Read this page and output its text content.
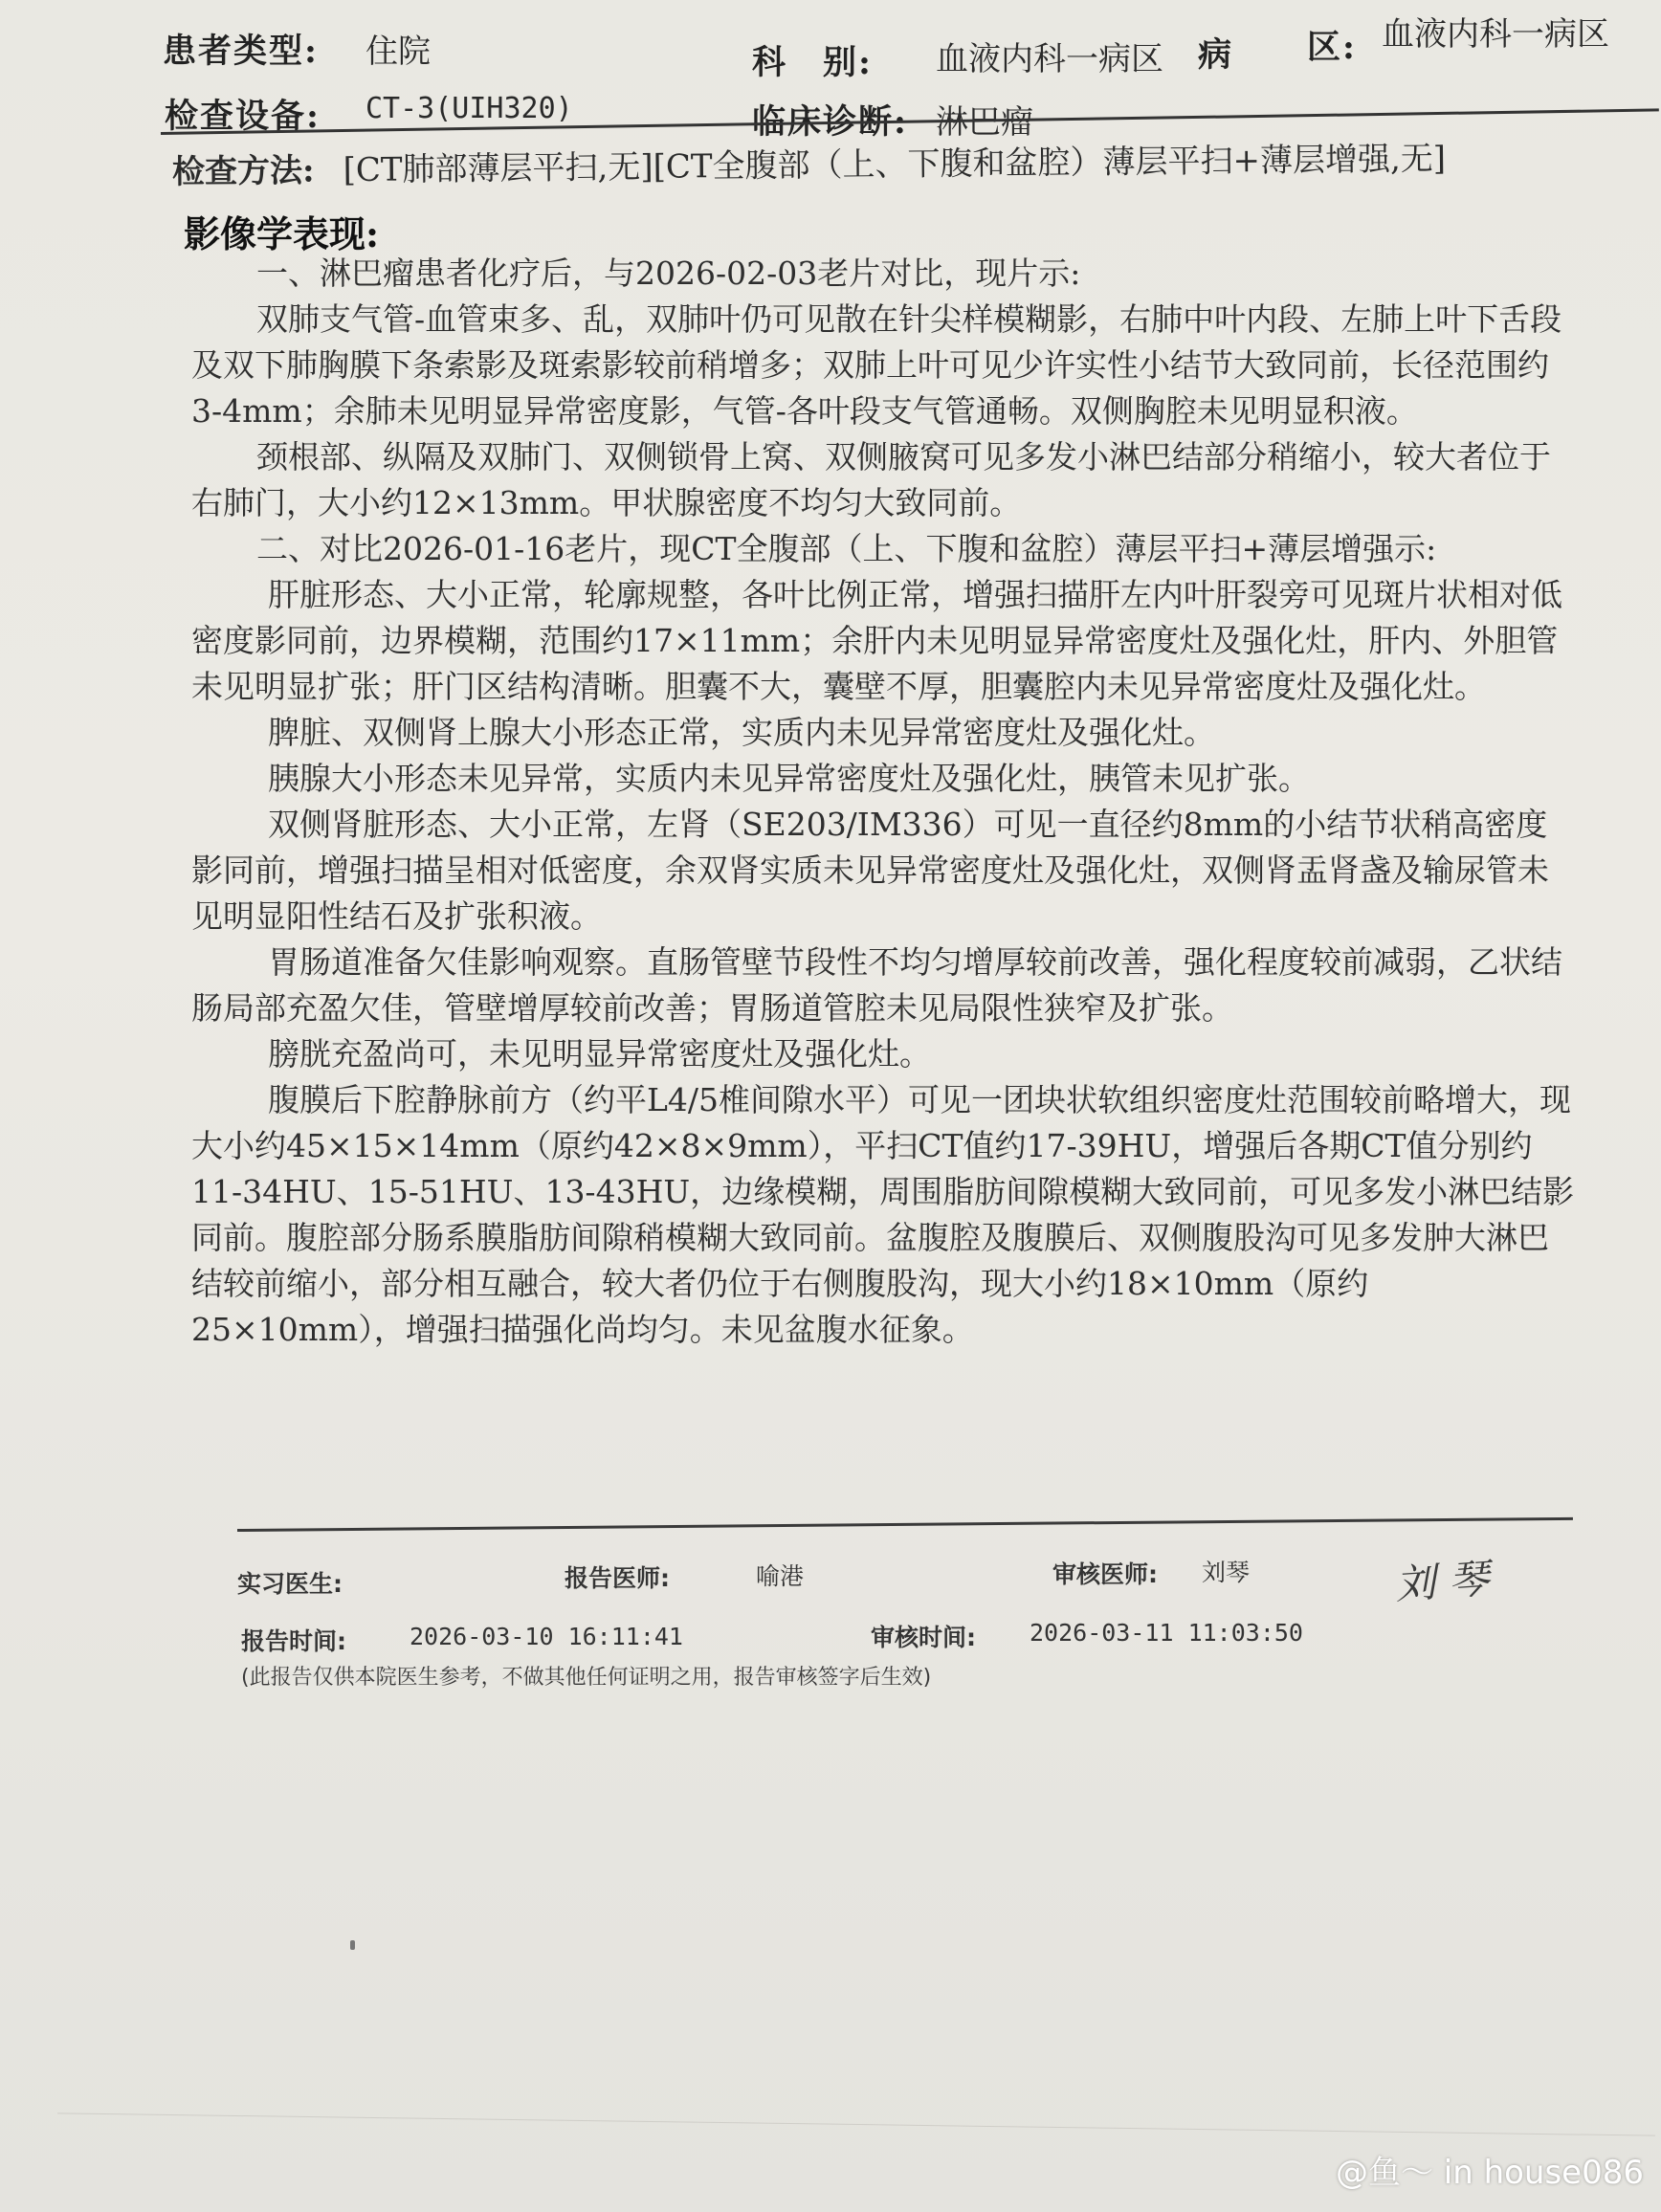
患者类型: 住院	科　别: 血液内科一病区 病 区: 血液内科一病区
检查设备: CT-3(UIH320)	临床诊断: 淋巴瘤
检查方法: [CT肺部薄层平扫,无][CT全腹部（上、下腹和盆腔）薄层平扫+薄层增强,无]
影像学表现:

一、淋巴瘤患者化疗后，与2026-02-03老片对比，现片示:

双肺支气管-血管束多、乱，双肺叶仍可见散在针尖样模糊影，右肺中叶内段、左肺上叶下舌段及双下肺胸膜下条索影及斑索影较前稍增多；双肺上叶可见少许实性小结节大致同前，长径范围约3-4mm；余肺未见明显异常密度影，气管-各叶段支气管通畅。双侧胸腔未见明显积液。

颈根部、纵隔及双肺门、双侧锁骨上窝、双侧腋窝可见多发小淋巴结部分稍缩小，较大者位于右肺门，大小约12×13mm。甲状腺密度不均匀大致同前。

二、对比2026-01-16老片，现CT全腹部（上、下腹和盆腔）薄层平扫+薄层增强示:

肝脏形态、大小正常，轮廓规整，各叶比例正常，增强扫描肝左内叶肝裂旁可见斑片状相对低密度影同前，边界模糊，范围约17×11mm；余肝内未见明显异常密度灶及强化灶，肝内、外胆管未见明显扩张；肝门区结构清晰。胆囊不大，囊壁不厚，胆囊腔内未见异常密度灶及强化灶。

脾脏、双侧肾上腺大小形态正常，实质内未见异常密度灶及强化灶。

胰腺大小形态未见异常，实质内未见异常密度灶及强化灶，胰管未见扩张。

双侧肾脏形态、大小正常，左肾（SE203/IM336）可见一直径约8mm的小结节状稍高密度影同前，增强扫描呈相对低密度，余双肾实质未见异常密度灶及强化灶，双侧肾盂肾盏及输尿管未见明显阳性结石及扩张积液。

胃肠道准备欠佳影响观察。直肠管壁节段性不均匀增厚较前改善，强化程度较前减弱，乙状结肠局部充盈欠佳，管壁增厚较前改善；胃肠道管腔未见局限性狭窄及扩张。

膀胱充盈尚可，未见明显异常密度灶及强化灶。

腹膜后下腔静脉前方（约平L4/5椎间隙水平）可见一团块状软组织密度灶范围较前略增大，现大小约45×15×14mm（原约42×8×9mm），平扫CT值约17-39HU，增强后各期CT值分别约11-34HU、15-51HU、13-43HU，边缘模糊，周围脂肪间隙模糊大致同前，可见多发小淋巴结影同前。腹腔部分肠系膜脂肪间隙稍模糊大致同前。盆腹腔及腹膜后、双侧腹股沟可见多发肿大淋巴结较前缩小，部分相互融合，较大者仍位于右侧腹股沟，现大小约18×10mm（原约25×10mm），增强扫描强化尚均匀。未见盆腹水征象。

实习医生:	报告医师:	喻港	审核医师: 刘琴	刘琴
报告时间:	2026-03-10 16:11:41	审核时间: 2026-03-11 11:03:50
(此报告仅供本院医生参考，不做其他任何证明之用，报告审核签字后生效)
@鱼～ in house086
